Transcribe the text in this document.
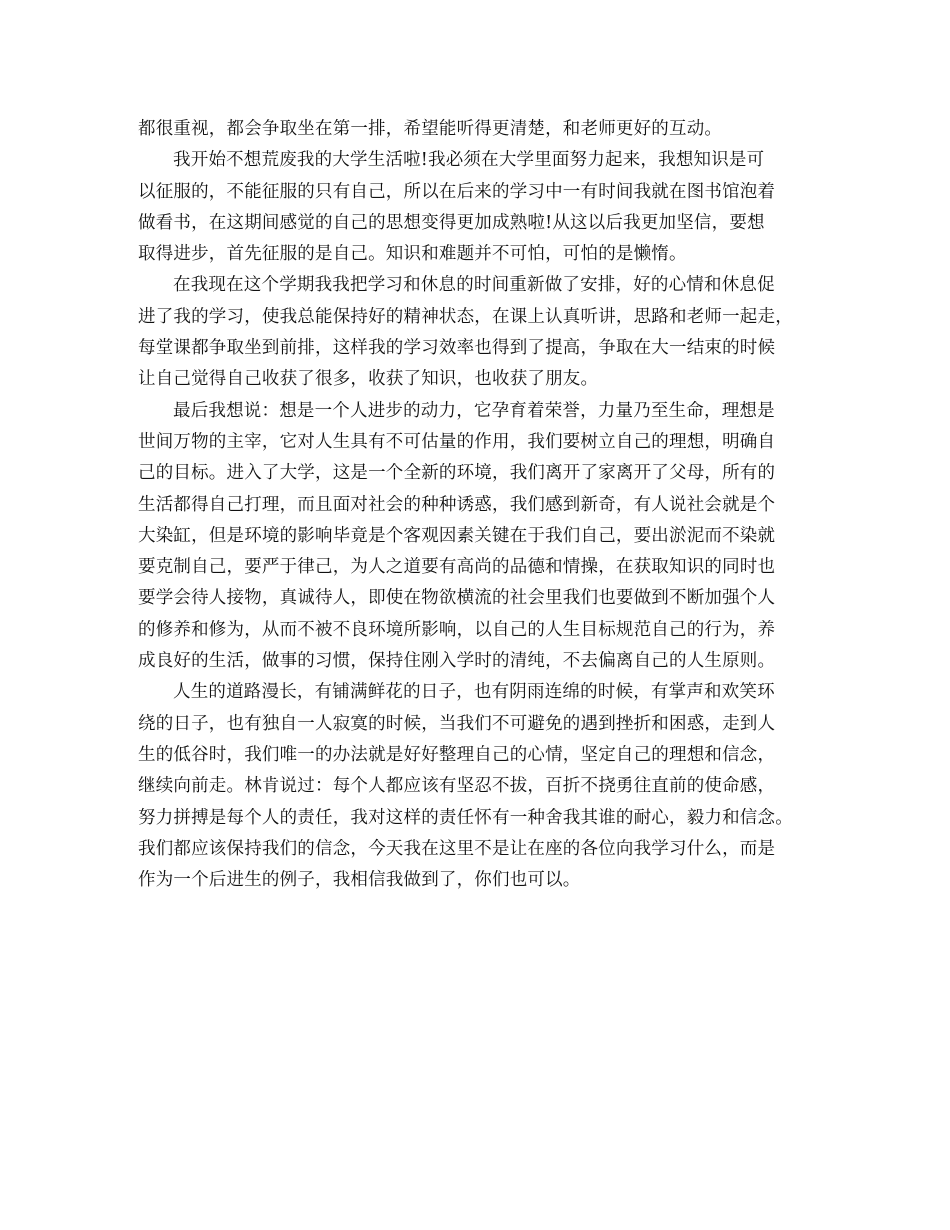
都很重视，都会争取坐在第一排，希望能听得更清楚，和老师更好的互动。
我开始不想荒废我的大学生活啦!我必须在大学里面努力起来，我想知识是可
以征服的，不能征服的只有自己，所以在后来的学习中一有时间我就在图书馆泡着
做看书，在这期间感觉的自己的思想变得更加成熟啦!从这以后我更加坚信，要想
取得进步，首先征服的是自己。知识和难题并不可怕，可怕的是懒惰。
在我现在这个学期我我把学习和休息的时间重新做了安排，好的心情和休息促
进了我的学习，使我总能保持好的精神状态，在课上认真听讲，思路和老师一起走，
每堂课都争取坐到前排，这样我的学习效率也得到了提高，争取在大一结束的时候
让自己觉得自己收获了很多，收获了知识，也收获了朋友。
最后我想说：想是一个人进步的动力，它孕育着荣誉，力量乃至生命，理想是
世间万物的主宰，它对人生具有不可估量的作用，我们要树立自己的理想，明确自
己的目标。进入了大学，这是一个全新的环境，我们离开了家离开了父母，所有的
生活都得自己打理，而且面对社会的种种诱惑，我们感到新奇，有人说社会就是个
大染缸，但是环境的影响毕竟是个客观因素关键在于我们自己，要出淤泥而不染就
要克制自己，要严于律己，为人之道要有高尚的品德和情操，在获取知识的同时也
要学会待人接物，真诚待人，即使在物欲横流的社会里我们也要做到不断加强个人
的修养和修为，从而不被不良环境所影响，以自己的人生目标规范自己的行为，养
成良好的生活，做事的习惯，保持住刚入学时的清纯，不去偏离自己的人生原则。
人生的道路漫长，有铺满鲜花的日子，也有阴雨连绵的时候，有掌声和欢笑环
绕的日子，也有独自一人寂寞的时候，当我们不可避免的遇到挫折和困惑，走到人
生的低谷时，我们唯一的办法就是好好整理自己的心情，坚定自己的理想和信念，
继续向前走。林肯说过：每个人都应该有坚忍不拔，百折不挠勇往直前的使命感，
努力拼搏是每个人的责任，我对这样的责任怀有一种舍我其谁的耐心，毅力和信念。
我们都应该保持我们的信念，今天我在这里不是让在座的各位向我学习什么，而是
作为一个后进生的例子，我相信我做到了，你们也可以。
